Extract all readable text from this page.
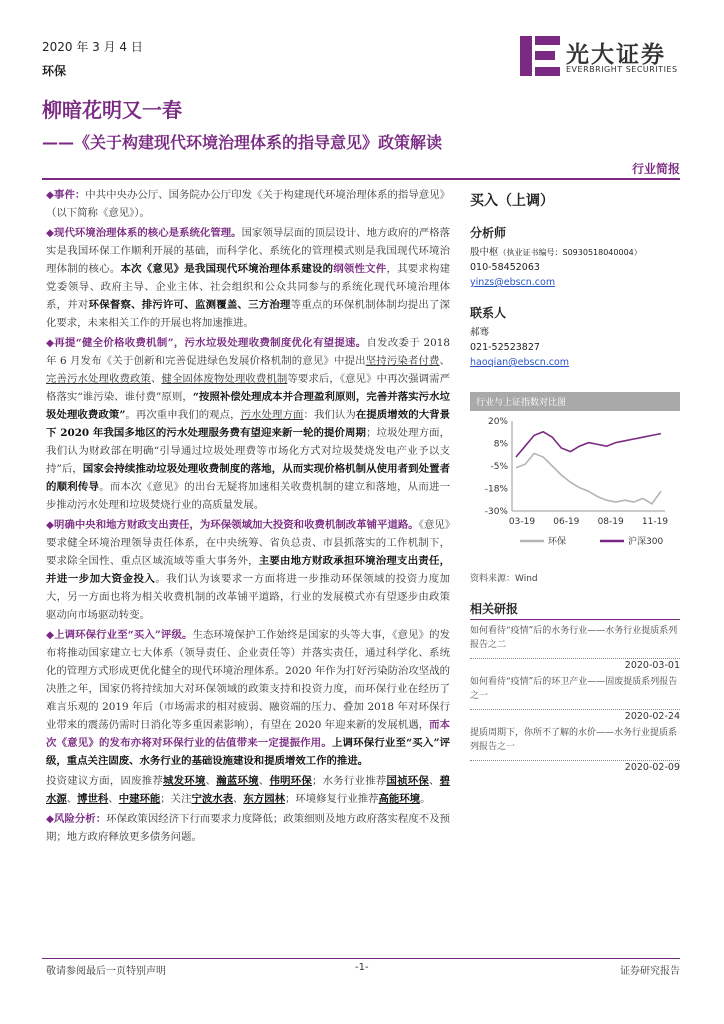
2020 年 3 月 4 日
环保
柳暗花明又一春
——《关于构建现代环境治理体系的指导意见》政策解读
行业简报
光大证券
EVERBRIGHT SECURITIES

◆事件：中共中央办公厅、国务院办公厅印发《关于构建现代环境治理体系的指导意见》（以下简称《意见》）。

◆现代环境治理体系的核心是系统化管理。国家领导层面的顶层设计、地方政府的严格落实是我国环保工作顺利开展的基础，而科学化、系统化的管理模式则是我国现代环境治理体制的核心。本次《意见》是我国现代环境治理体系建设的纲领性文件，其要求构建党委领导、政府主导、企业主体、社会组织和公众共同参与的系统化现代环境治理体系，并对环保督察、排污许可、监测覆盖、三方治理等重点的环保机制体制均提出了深化要求，未来相关工作的开展也将加速推进。

◆再提“健全价格收费机制”，污水垃圾处理收费制度优化有望提速。自发改委于 2018 年 6 月发布《关于创新和完善促进绿色发展价格机制的意见》中提出坚持污染者付费、完善污水处理收费政策、健全固体废物处理收费机制等要求后，《意见》中再次强调需严格落实“谁污染、谁付费”原则，“按照补偿处理成本并合理盈利原则，完善并落实污水垃圾处理收费政策”。再次重申我们的观点，污水处理方面：我们认为在提质增效的大背景下 2020 年我国多地区的污水处理服务费有望迎来新一轮的提价周期；垃圾处理方面，我们认为财政部在明确“引导通过垃圾处理费等市场化方式对垃圾焚烧发电产业予以支持”后，国家会持续推动垃圾处理收费制度的落地，从而实现价格机制从使用者到处置者的顺利传导。而本次《意见》的出台无疑将加速相关收费机制的建立和落地，从而进一步推动污水处理和垃圾焚烧行业的高质量发展。

◆明确中央和地方财政支出责任，为环保领域加大投资和收费机制改革铺平道路。《意见》要求健全环境治理领导责任体系，在中央统筹、省负总责、市县抓落实的工作机制下，要求除全国性、重点区域流域等重大事务外，主要由地方财政承担环境治理支出责任，并进一步加大资金投入。我们认为该要求一方面将进一步推动环保领域的投资力度加大，另一方面也将为相关收费机制的改革铺平道路，行业的发展模式亦有望逐步由政策驱动向市场驱动转变。

◆上调环保行业至“买入”评级。生态环境保护工作始终是国家的头等大事，《意见》的发布将推动国家建立七大体系（领导责任、企业责任等）并落实责任，通过科学化、系统化的管理方式形成更优化健全的现代环境治理体系。2020 年作为打好污染防治攻坚战的决胜之年，国家仍将持续加大对环保领域的政策支持和投资力度，而环保行业在经历了难言乐观的 2019 年后（市场需求的相对疲弱、融资端的压力、叠加 2018 年对环保行业带来的震荡仍需时日消化等多重因素影响），有望在 2020 年迎来新的发展机遇，而本次《意见》的发布亦将对环保行业的估值带来一定提振作用。上调环保行业至“买入”评级，重点关注固废、水务行业的基础设施建设和提质增效工作的推进。

投资建议方面，固废推荐城发环境、瀚蓝环境、伟明环保；水务行业推荐国祯环保、碧水源、博世科、中建环能；关注宁波水表、东方园林；环境修复行业推荐高能环境。

◆风险分析：环保政策因经济下行而要求力度降低；政策细则及地方政府落实程度不及预期；地方政府释放更多债务问题。

买入（上调）
分析师
殷中枢（执业证书编号：S0930518040004）
010-58452063
yinzs@ebscn.com
联系人
郝骞
021-52523827
haoqian@ebscn.com
行业与上证指数对比图
20%
8%
-5%
-18%
-30%
03-19 06-19 08-19 11-19
环保	沪深300
资料来源：Wind
相关研报
如何看待“疫情”后的水务行业——水务行业提质系列报告之二
2020-03-01
如何看待“疫情”后的环卫产业——固废提质系列报告之一
2020-02-24
提质周期下，你所不了解的水价——水务行业提质系列报告之一
2020-02-09
敬请参阅最后一页特别声明	-1-	证券研究报告
